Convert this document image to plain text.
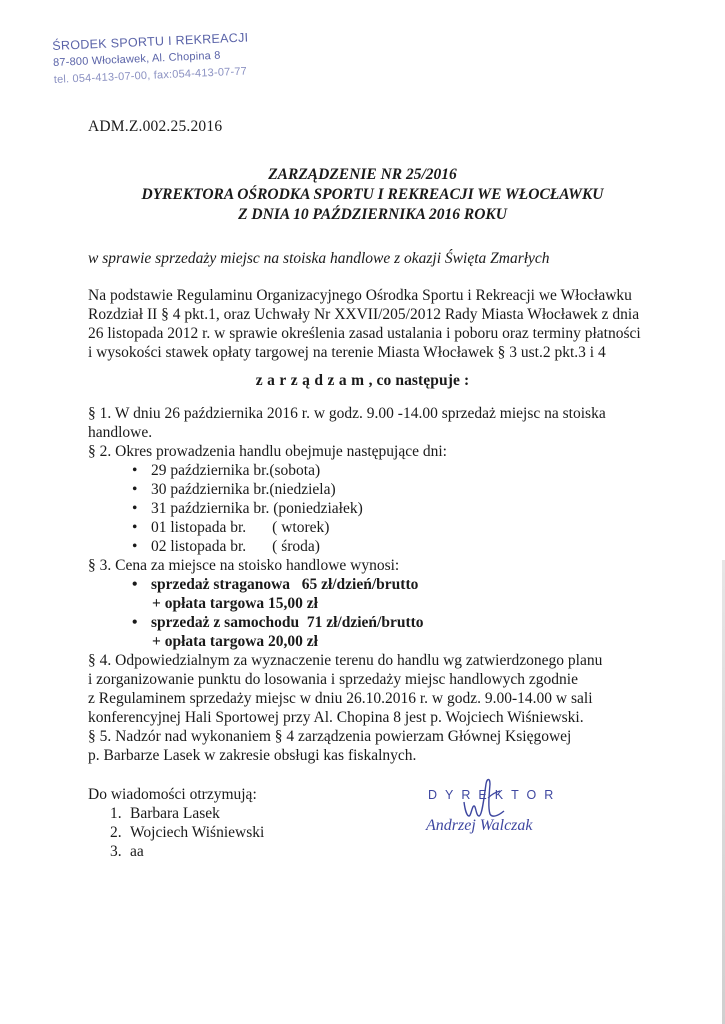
ŚRODEK SPORTU I REKREACJI
87-800 Włocławek, Al. Chopina 8
tel. 054-413-07-00, fax:054-413-07-77
ADM.Z.002.25.2016
ZARZĄDZENIE NR 25/2016
DYREKTORA OŚRODKA SPORTU I REKREACJI WE WŁOCŁAWKU
Z DNIA 10 PAŹDZIERNIKA 2016 ROKU
w sprawie sprzedaży miejsc na stoiska handlowe z okazji Święta Zmarłych
Na podstawie Regulaminu Organizacyjnego Ośrodka Sportu i Rekreacji we Włocławku
Rozdział II § 4 pkt.1, oraz Uchwały Nr XXVII/205/2012 Rady Miasta Włocławek z dnia
26 listopada 2012 r. w sprawie określenia zasad ustalania i poboru oraz terminy płatności
i wysokości stawek opłaty targowej na terenie Miasta Włocławek § 3 ust.2 pkt.3 i 4
zarządzam, co następuje :
§ 1. W dniu 26 października 2016 r. w godz. 9.00 -14.00 sprzedaż miejsc na stoiska
handlowe.
§ 2. Okres prowadzenia handlu obejmuje następujące dni:
• 29 października br.(sobota)
• 30 października br.(niedziela)
• 31 października br. (poniedziałek)
• 01 listopada br. ( wtorek)
• 02 listopada br. ( środa)
§ 3. Cena za miejsce na stoisko handlowe wynosi:
• sprzedaż straganowa 65 zł/dzień/brutto
+ opłata targowa 15,00 zł
• sprzedaż z samochodu 71 zł/dzień/brutto
+ opłata targowa 20,00 zł
§ 4. Odpowiedzialnym za wyznaczenie terenu do handlu wg zatwierdzonego planu
i zorganizowanie punktu do losowania i sprzedaży miejsc handlowych zgodnie
z Regulaminem sprzedaży miejsc w dniu 26.10.2016 r. w godz. 9.00-14.00 w sali
konferencyjnej Hali Sportowej przy Al. Chopina 8 jest p. Wojciech Wiśniewski.
§ 5. Nadzór nad wykonaniem § 4 zarządzenia powierzam Głównej Księgowej
p. Barbarze Lasek w zakresie obsługi kas fiskalnych.
Do wiadomości otrzymują:
1. Barbara Lasek
2. Wojciech Wiśniewski
3. aa
DYREKTOR
Andrzej Walczak
